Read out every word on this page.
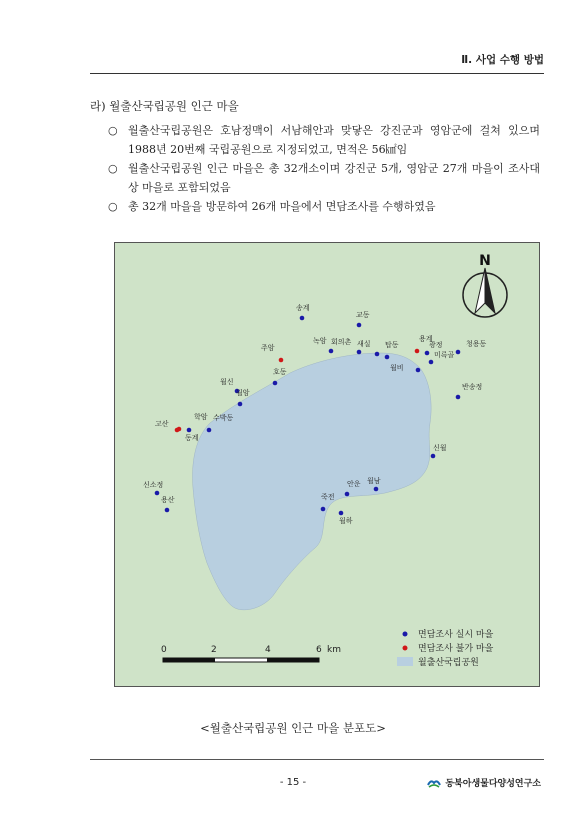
Ⅱ. 사업 수행 방법
라) 월출산국립공원 인근 마을
○ 월출산국립공원은 호남정맥이 서남해안과 맞닿은 강진군과 영암군에 걸쳐 있으며 1988년 20번째 국립공원으로 지정되었고, 면적은 56㎢임
○ 월출산국립공원 인근 마을은 총 32개소이며 강진군 5개, 영암군 27개 마을이 조사대상 마을로 포함되었음
○ 총 32개 마을을 방문하여 26개 마을에서 면담조사를 수행하였음
송계
교동
녹암
주암
회의촌 새실 탑동
용계
광정	청용동
월비
미륵골
호동
월신
월암
반송정
고산
학암 수박동
동계
신월
신소정	월남
안운
죽전
월하
용산
N
0	2	4	6 km
면담조사 실시 마을
면담조사 불가 마을
월출산국립공원
<월출산국립공원 인근 마을 분포도>
- 15 -	동북아생물다양성연구소
